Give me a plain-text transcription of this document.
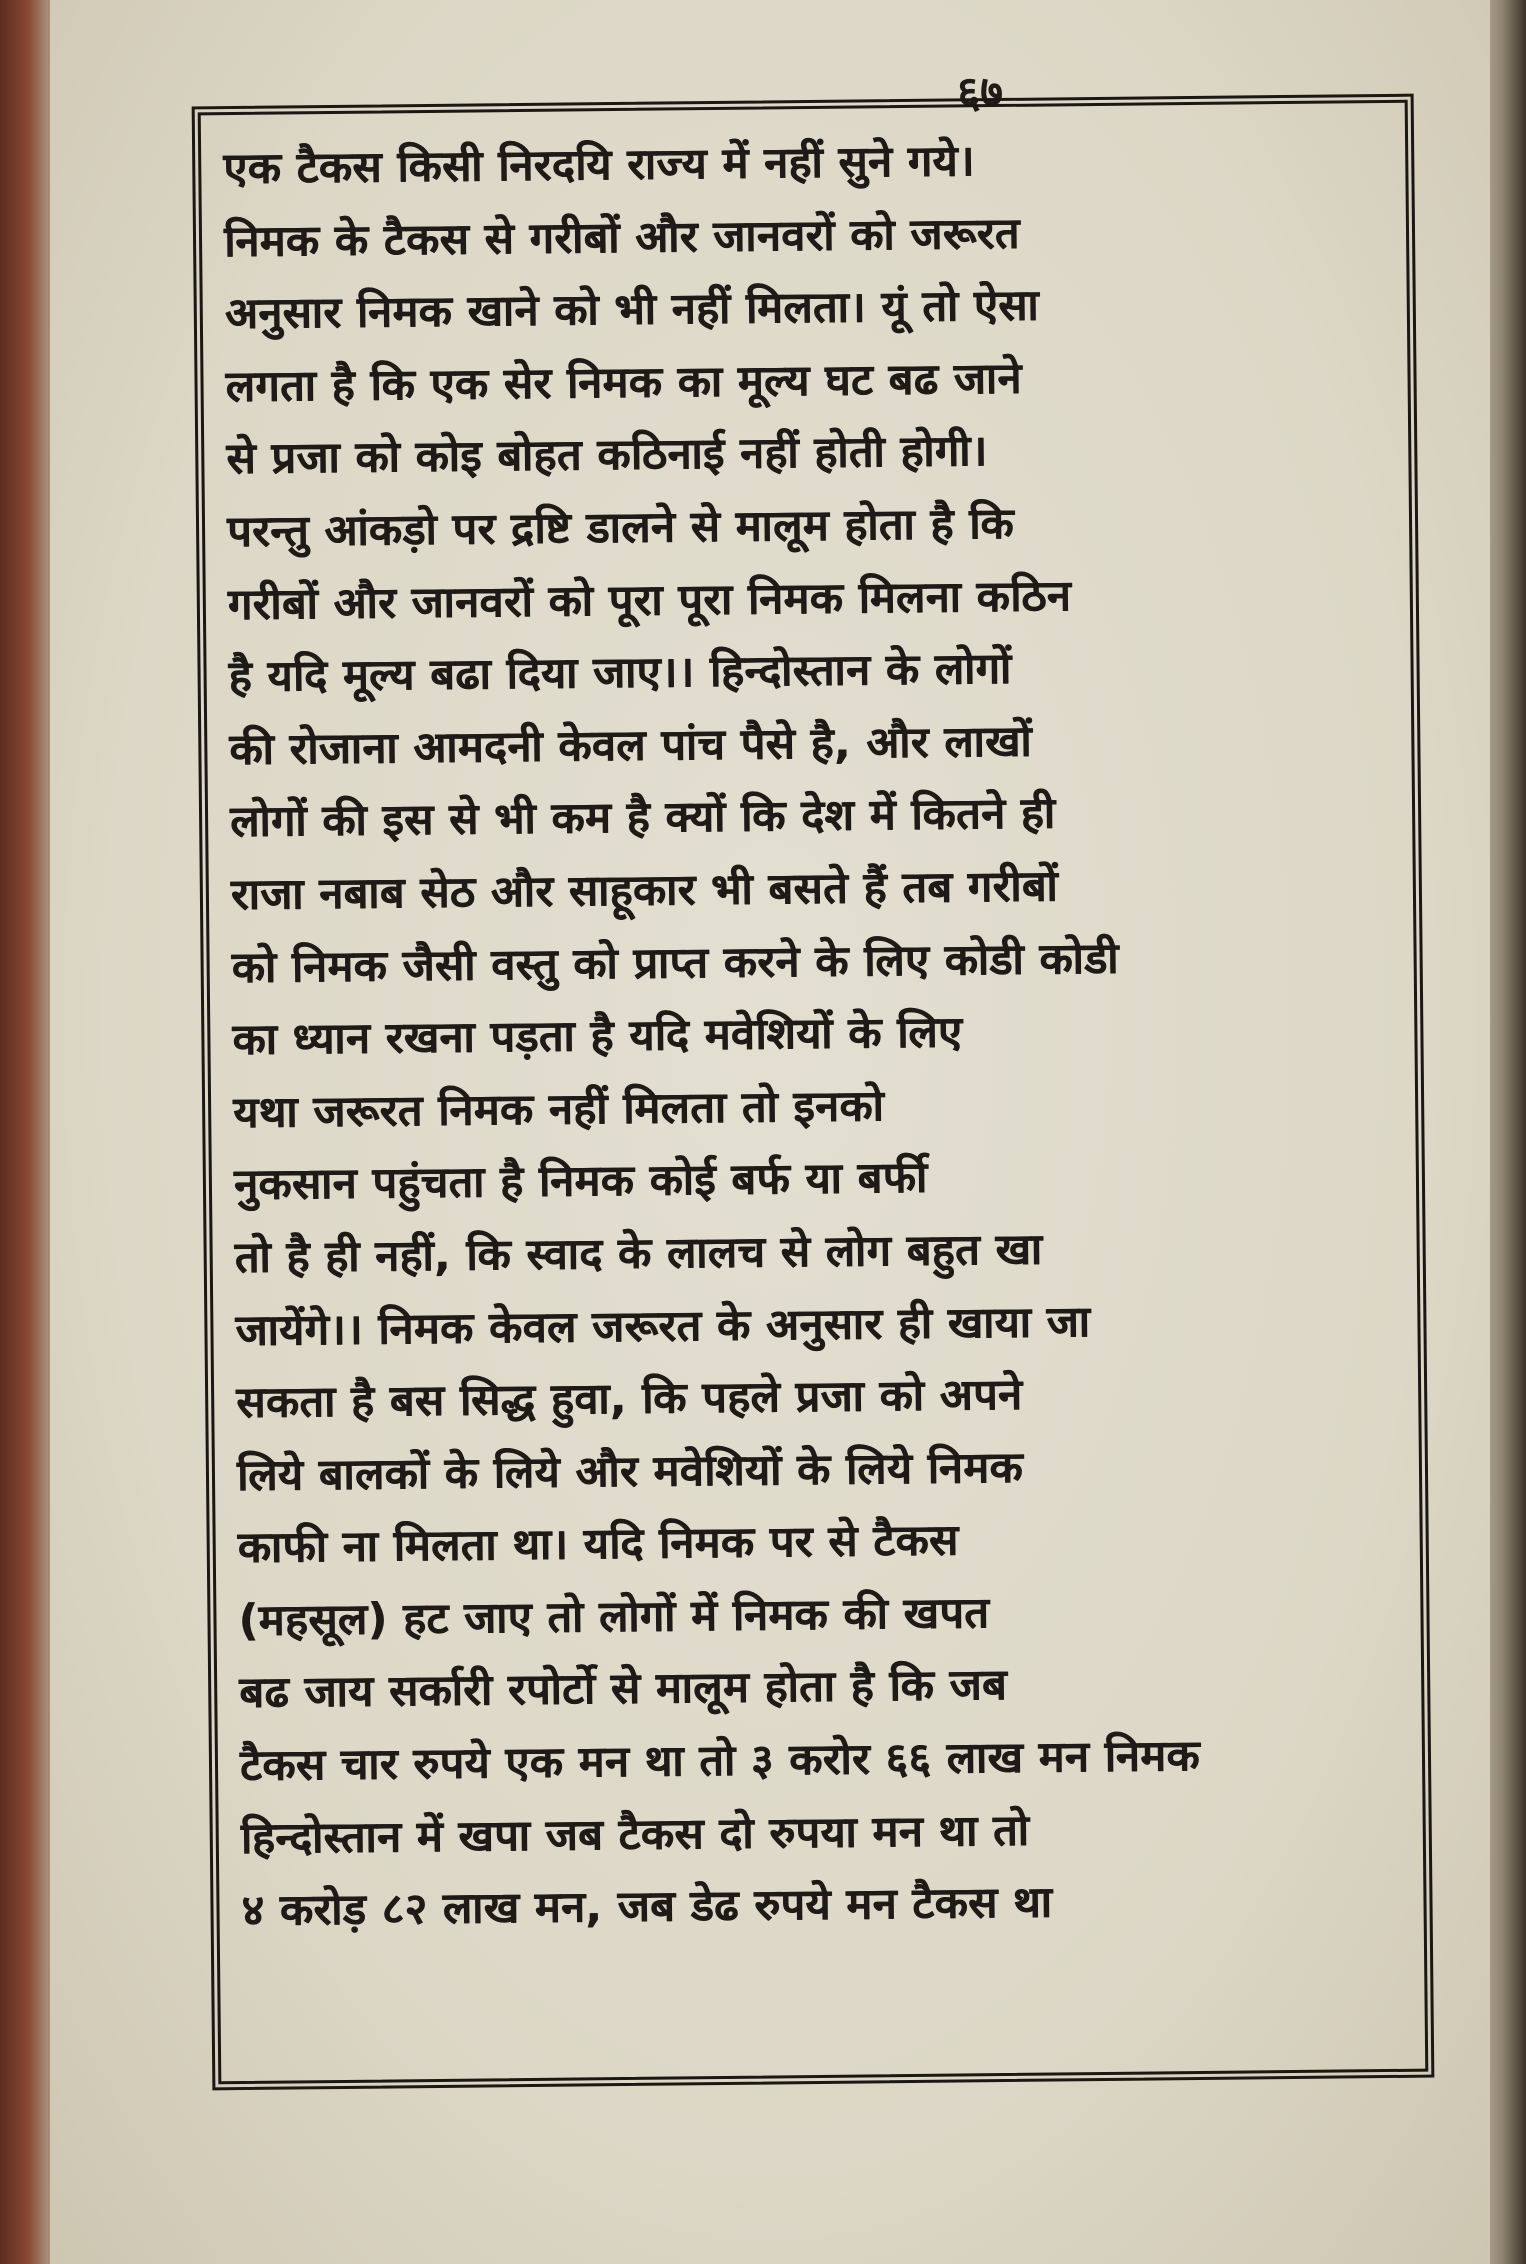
६७
एक टैकस किसी निरदयि राज्य में नहीं सुने गये।
निमक के टैकस से गरीबों और जानवरों को जरूरत
अनुसार निमक खाने को भी नहीं मिलता। यूं तो ऐसा
लगता है कि एक सेर निमक का मूल्य घट बढ जाने
से प्रजा को कोइ बोहत कठिनाई नहीं होती होगी।
परन्तु आंकड़ो पर द्रष्टि डालने से मालूम होता है कि
गरीबों और जानवरों को पूरा पूरा निमक मिलना कठिन
है यदि मूल्य बढा दिया जाए।। हिन्दोस्तान के लोगों
की रोजाना आमदनी केवल पांच पैसे है, और लाखों
लोगों की इस से भी कम है क्यों कि देश में कितने ही
राजा नबाब सेठ और साहूकार भी बसते हैं तब गरीबों
को निमक जैसी वस्तु को प्राप्त करने के लिए कोडी कोडी
का ध्यान रखना पड़ता है यदि मवेशियों के लिए
यथा जरूरत निमक नहीं मिलता तो इनको
नुकसान पहुंचता है निमक कोई बर्फ या बर्फी
तो है ही नहीं, कि स्वाद के लालच से लोग बहुत खा
जायेंगे।। निमक केवल जरूरत के अनुसार ही खाया जा
सकता है बस सिद्ध हुवा, कि पहले प्रजा को अपने
लिये बालकों के लिये और मवेशियों के लिये निमक
काफी ना मिलता था। यदि निमक पर से टैकस
(महसूल) हट जाए तो लोगों में निमक की खपत
बढ जाय सर्कारी रपोर्टो से मालूम होता है कि जब
टैकस चार रुपये एक मन था तो ३ करोर ६६ लाख मन निमक
हिन्दोस्तान में खपा जब टैकस दो रुपया मन था तो
४ करोड़ ८२ लाख मन, जब डेढ रुपये मन टैकस था
